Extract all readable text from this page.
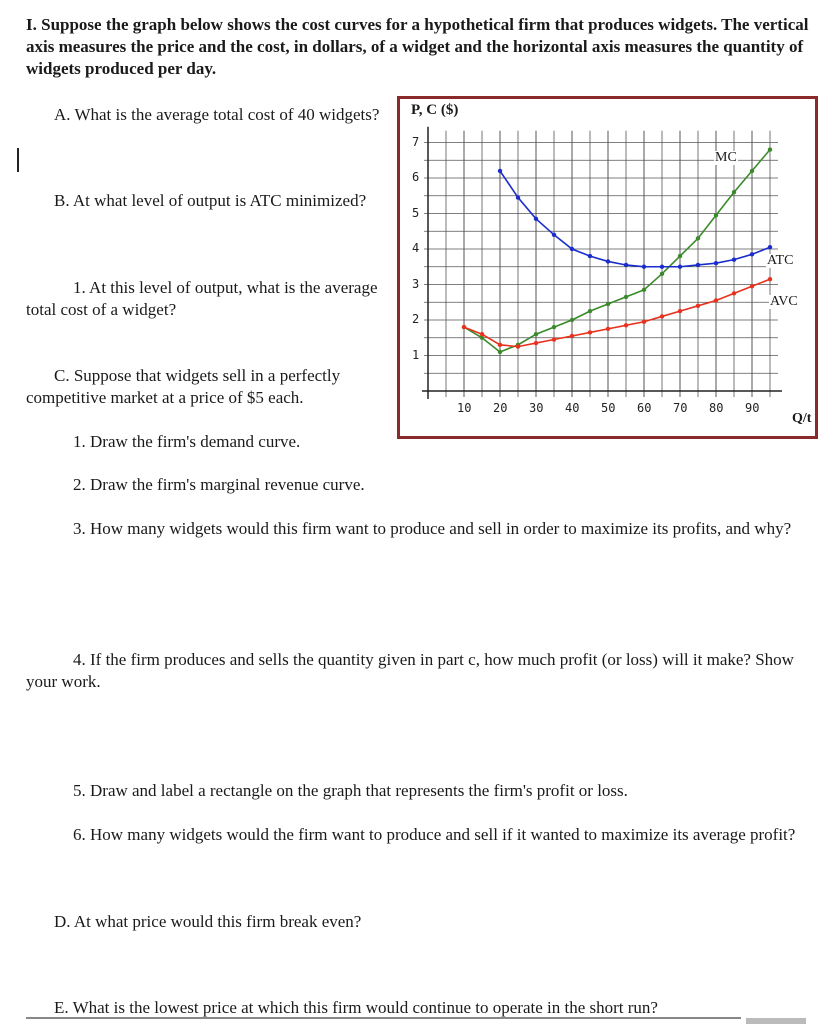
I. Suppose the graph below shows the cost curves for a hypothetical firm that produces widgets. The vertical axis measures the price and the cost, in dollars, of a widget and the horizontal axis measures the quantity of widgets produced per day.

A. What is the average total cost of 40 widgets?

B. At what level of output is ATC minimized?

1. At this level of output, what is the average total cost of a widget?

C. Suppose that widgets sell in a perfectly competitive market at a price of $5 each.

1. Draw the firm's demand curve.

2. Draw the firm's marginal revenue curve.

3. How many widgets would this firm want to produce and sell in order to maximize its profits, and why?

4. If the firm produces and sells the quantity given in part c, how much profit (or loss) will it make? Show your work.

5. Draw and label a rectangle on the graph that represents the firm's profit or loss.

6. How many widgets would the firm want to produce and sell if it wanted to maximize its average profit?

D. At what price would this firm break even?

E. What is the lowest price at which this firm would continue to operate in the short run?

P, C ($)
Q/t
1
2
3
4
5
6
7
10 20 30 40 50 60 70 80 90
MC
ATC
AVC
